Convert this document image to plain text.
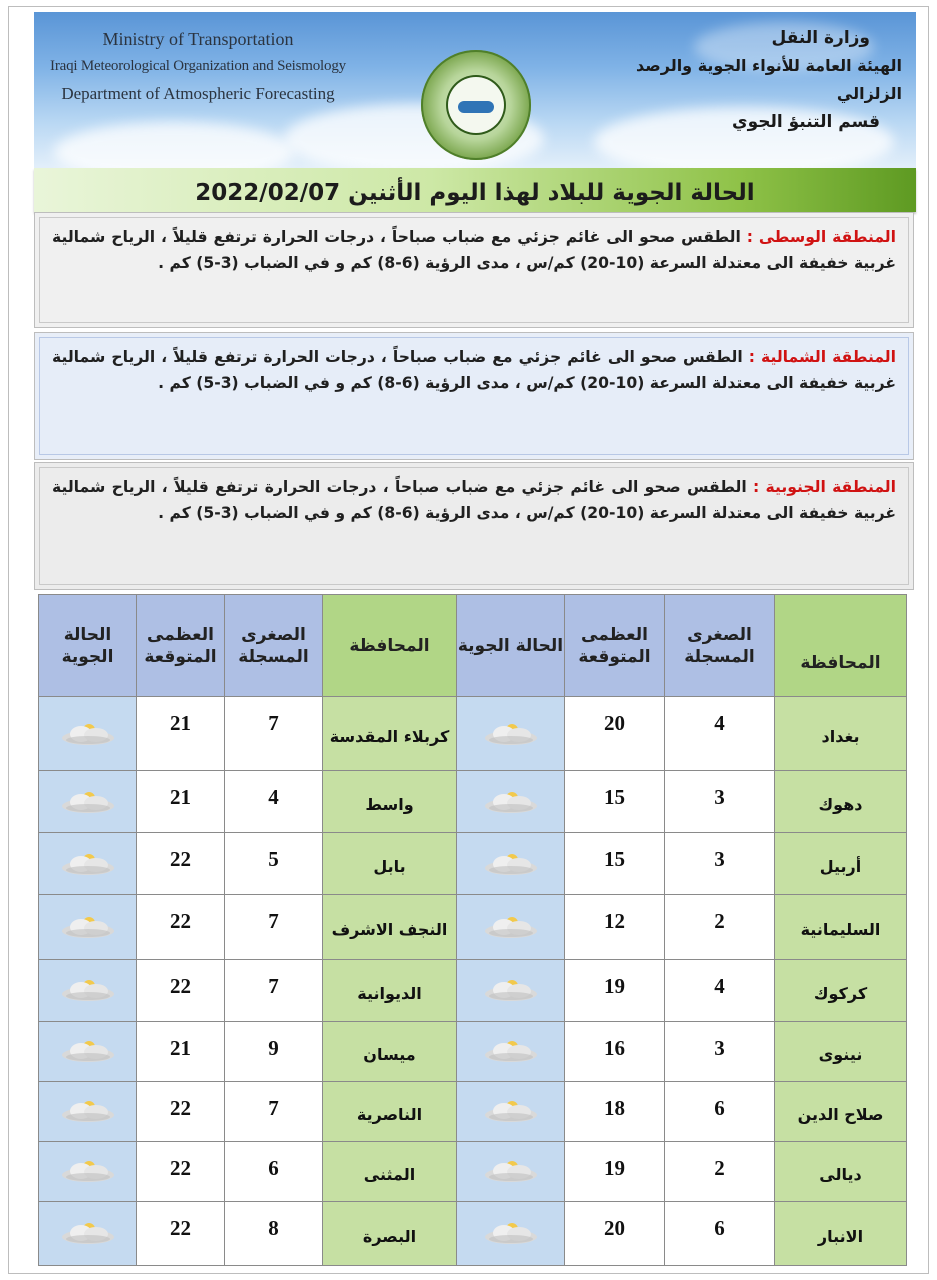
Ministry of Transportation
Iraqi Meteorological Organization and Seismology
Department of Atmospheric Forecasting
وزارة النقل
الهيئة العامة للأنواء الجوية والرصد الزلزالي
قسم التنبؤ الجوي
الحالة الجوية للبلاد لهذا اليوم الأثنين 2022/02/07
المنطقة الوسطى : الطقس صحو الى غائم جزئي مع ضباب صباحاً ، درجات الحرارة ترتفع قليلاً ، الرياح شمالية غربية خفيفة الى معتدلة السرعة (10-20) كم/س ، مدى الرؤية (6-8) كم و في الضباب (3-5) كم .
المنطقة الشمالية : الطقس صحو الى غائم جزئي مع ضباب صباحاً ، درجات الحرارة ترتفع قليلاً ، الرياح شمالية غربية خفيفة الى معتدلة السرعة (10-20) كم/س ، مدى الرؤية (6-8) كم و في الضباب (3-5) كم .
المنطقة الجنوبية : الطقس صحو الى غائم جزئي مع ضباب صباحاً ، درجات الحرارة ترتفع قليلاً ، الرياح شمالية غربية خفيفة الى معتدلة السرعة (10-20) كم/س ، مدى الرؤية (6-8) كم و في الضباب (3-5) كم .
الحالة الجوية	العظمى المتوقعة	الصغرى المسجلة	المحافظة	الحالة الجوية	العظمى المتوقعة	الصغرى المسجلة	المحافظة
	21	7	كربلاء المقدسة		20	4	بغداد
	21	4	واسط		15	3	دهوك
	22	5	بابل		15	3	أربيل
	22	7	النجف الاشرف		12	2	السليمانية
	22	7	الديوانية		19	4	كركوك
	21	9	ميسان		16	3	نينوى
	22	7	الناصرية		18	6	صلاح الدين
	22	6	المثنى		19	2	ديالى
	22	8	البصرة		20	6	الانبار
